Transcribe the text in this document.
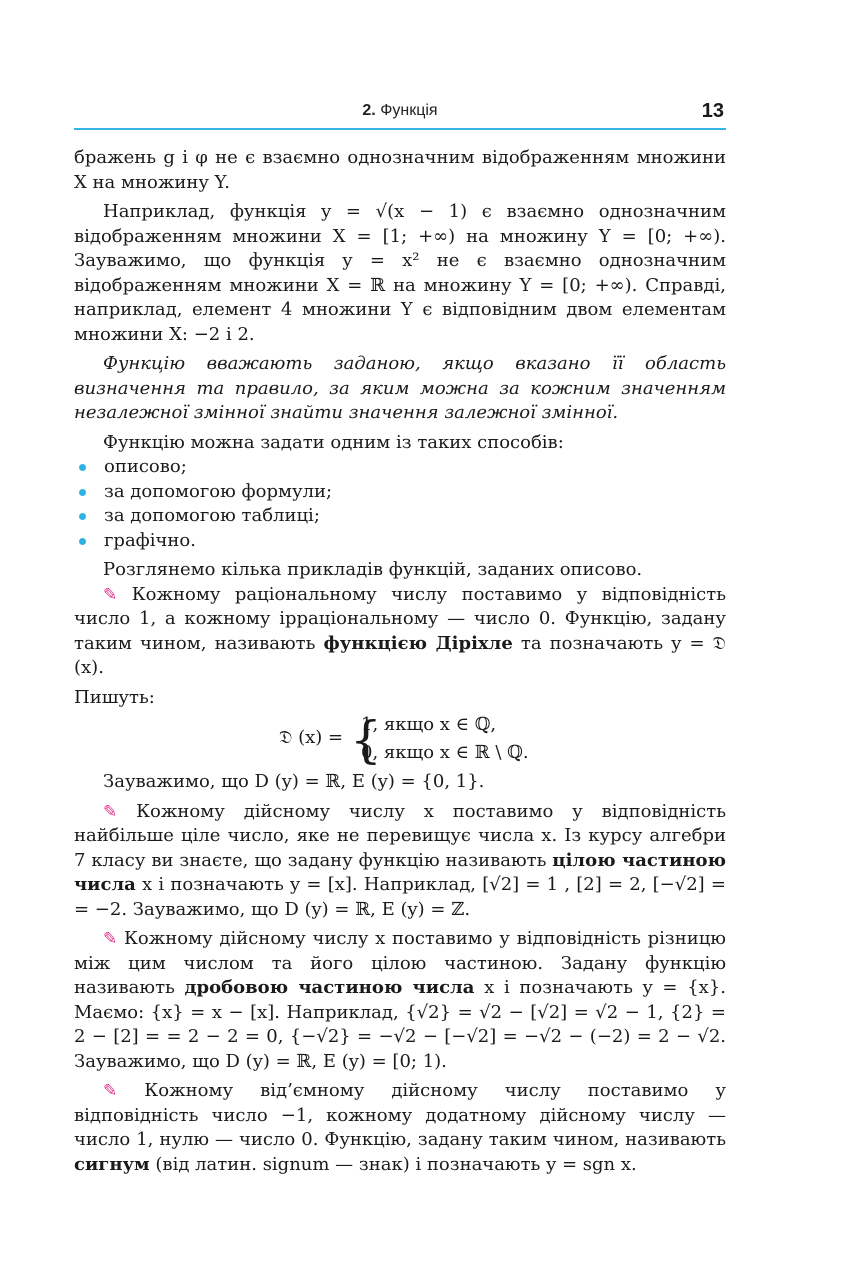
2. Функція	13

бражень g і φ не є взаємно однозначним відображенням множини X на множину Y.

Наприклад, функція y = √(x − 1) є взаємно однозначним відображенням множини X = [1; +∞) на множину Y = [0; +∞). Зауважимо, що функція y = x² не є взаємно однозначним відображенням множини X = ℝ на множину Y = [0; +∞). Справді, наприклад, елемент 4 множини Y є відповідним двом елементам множини X: −2 і 2.

Функцію вважають заданою, якщо вказано її область визначення та правило, за яким можна за кожним значенням незалежної змінної знайти значення залежної змінної.

Функцію можна задати одним із таких способів:

описово;
за допомогою формули;
за допомогою таблиці;
графічно.

Розглянемо кілька прикладів функцій, заданих описово.

✎ Кожному раціональному числу поставимо у відповідність число 1, а кожному ірраціональному — число 0. Функцію, задану таким чином, називають функцією Діріхле та позначають y = 𝔇 (x).

Пишуть:

𝔇 (x) = {
1, якщо x ∈ ℚ,
0, якщо x ∈ ℝ \ ℚ.

Зауважимо, що D (y) = ℝ, E (y) = {0, 1}.

✎ Кожному дійсному числу x поставимо у відповідність найбільше ціле число, яке не перевищує числа x. Із курсу алгебри 7 класу ви знаєте, що задану функцію називають цілою частиною числа x і позначають y = [x]. Наприклад, [√2] = 1 , [2] = 2, [−√2] = = −2. Зауважимо, що D (y) = ℝ, E (y) = ℤ.

✎ Кожному дійсному числу x поставимо у відповідність різницю між цим числом та його цілою частиною. Задану функцію називають дробовою частиною числа x і позначають y = {x}. Маємо: {x} = x − [x]. Наприклад, {√2} = √2 − [√2] = √2 − 1, {2} = 2 − [2] = = 2 − 2 = 0, {−√2} = −√2 − [−√2] = −√2 − (−2) = 2 − √2. Зауважимо, що D (y) = ℝ, E (y) = [0; 1).

✎ Кожному від’ємному дійсному числу поставимо у відповідність число −1, кожному додатному дійсному числу — число 1, нулю — число 0. Функцію, задану таким чином, називають сигнум (від латин. signum — знак) і позначають y = sgn x.
